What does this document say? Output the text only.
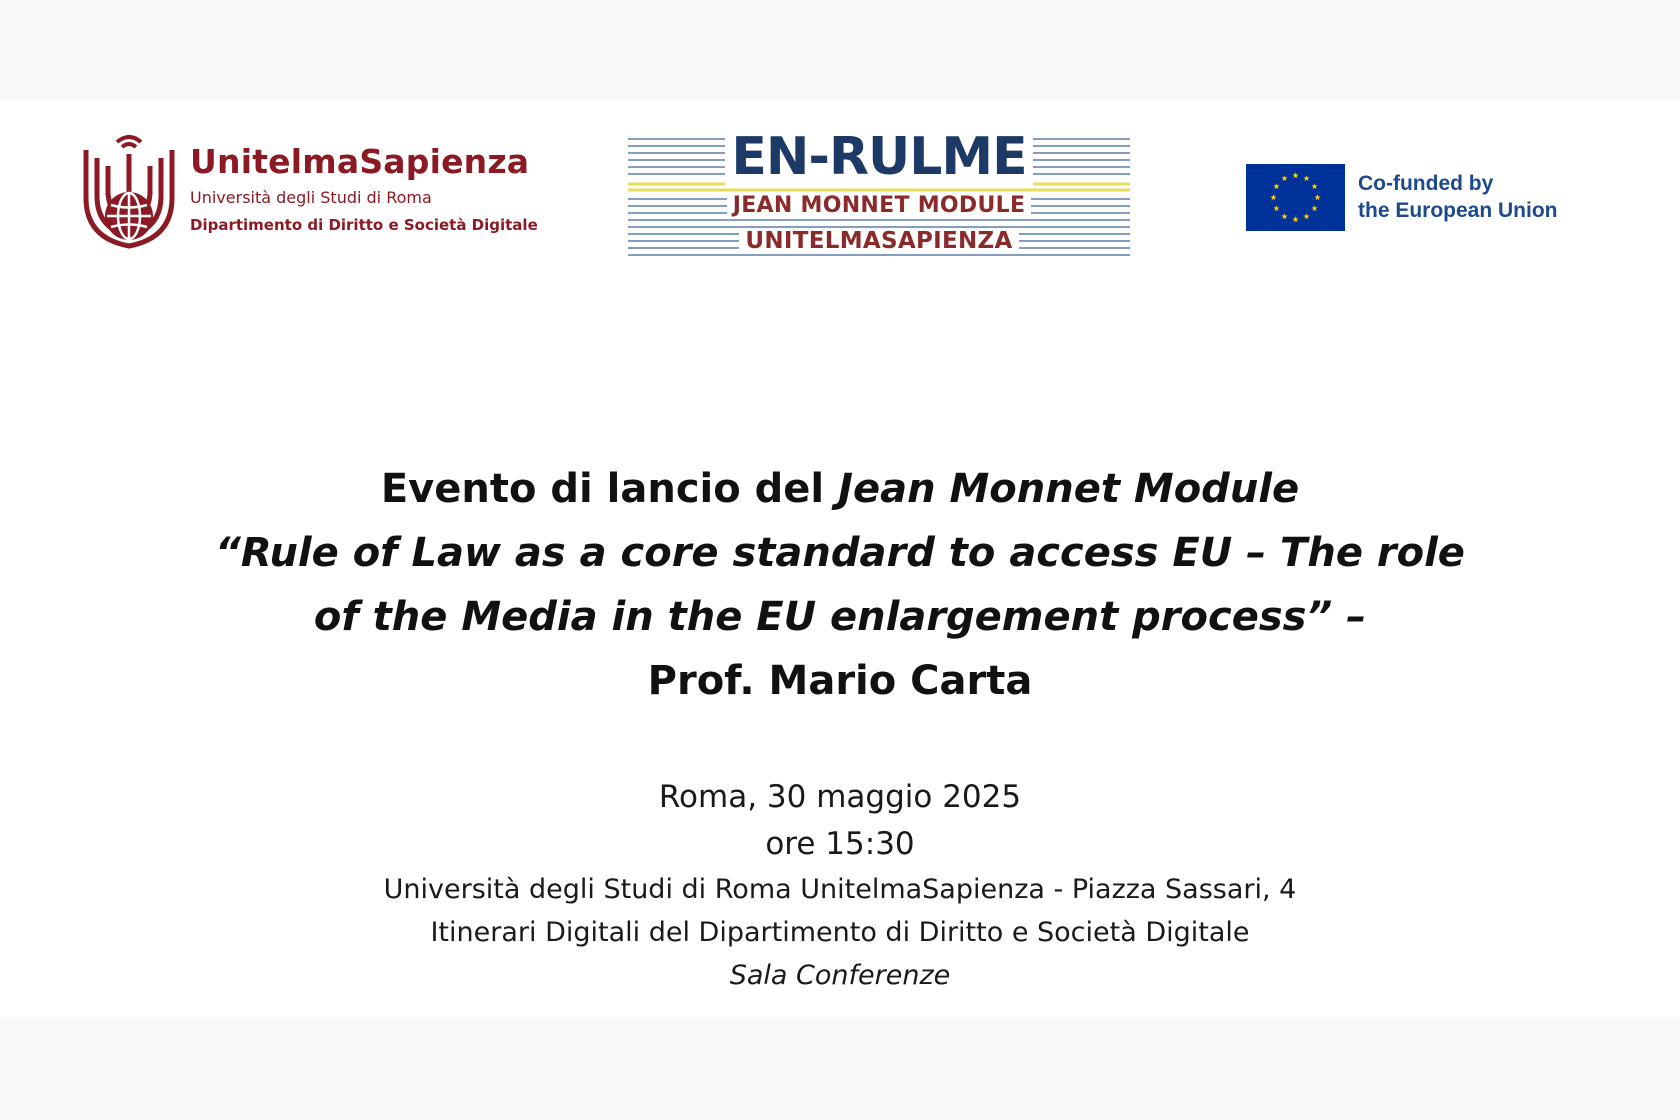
UnitelmaSapienza
Università degli Studi di Roma
Dipartimento di Diritto e Società Digitale
EN-RULME
JEAN MONNET MODULE
UNITELMASAPIENZA
Co-funded by
the European Union
Evento di lancio del Jean Monnet Module
“Rule of Law as a core standard to access EU – The role
of the Media in the EU enlargement process” –
Prof. Mario Carta
Roma, 30 maggio 2025
ore 15:30
Università degli Studi di Roma UnitelmaSapienza - Piazza Sassari, 4
Itinerari Digitali del Dipartimento di Diritto e Società Digitale
Sala Conferenze
